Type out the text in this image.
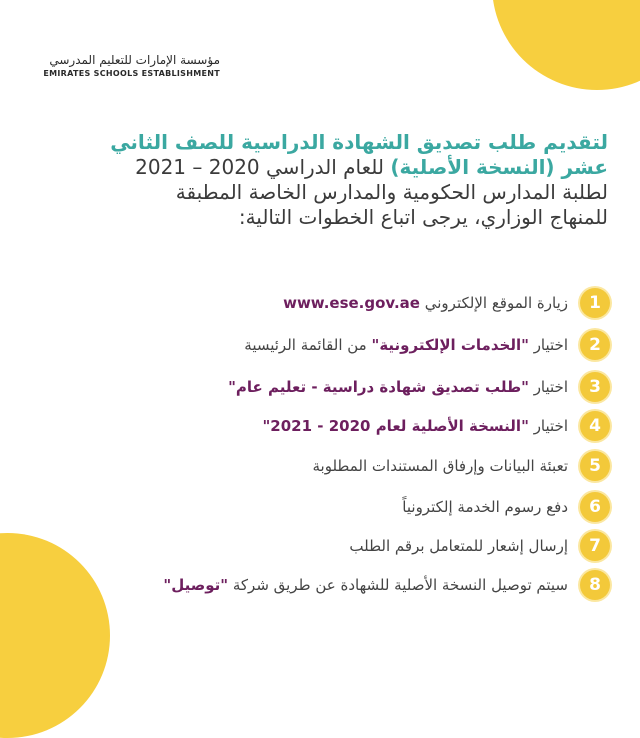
مؤسسة الإمارات للتعليم المدرسي
EMIRATES SCHOOLS ESTABLISHMENT
لتقديم طلب تصديق الشهادة الدراسية للصف الثاني
عشر (النسخة الأصلية) للعام الدراسي 2020 – 2021
لطلبة المدارس الحكومية والمدارس الخاصة المطبقة
للمنهاج الوزاري، يرجى اتباع الخطوات التالية:
1
زيارة الموقع الإلكتروني www.ese.gov.ae
2
اختيار "الخدمات الإلكترونية" من القائمة الرئيسية
3
اختيار "طلب تصديق شهادة دراسية - تعليم عام"
4
اختيار "النسخة الأصلية لعام 2020 - 2021"
5
تعبئة البيانات وإرفاق المستندات المطلوبة
6
دفع رسوم الخدمة إلكترونياً
7
إرسال إشعار للمتعامل برقم الطلب
8
سيتم توصيل النسخة الأصلية للشهادة عن طريق شركة "توصيل"
